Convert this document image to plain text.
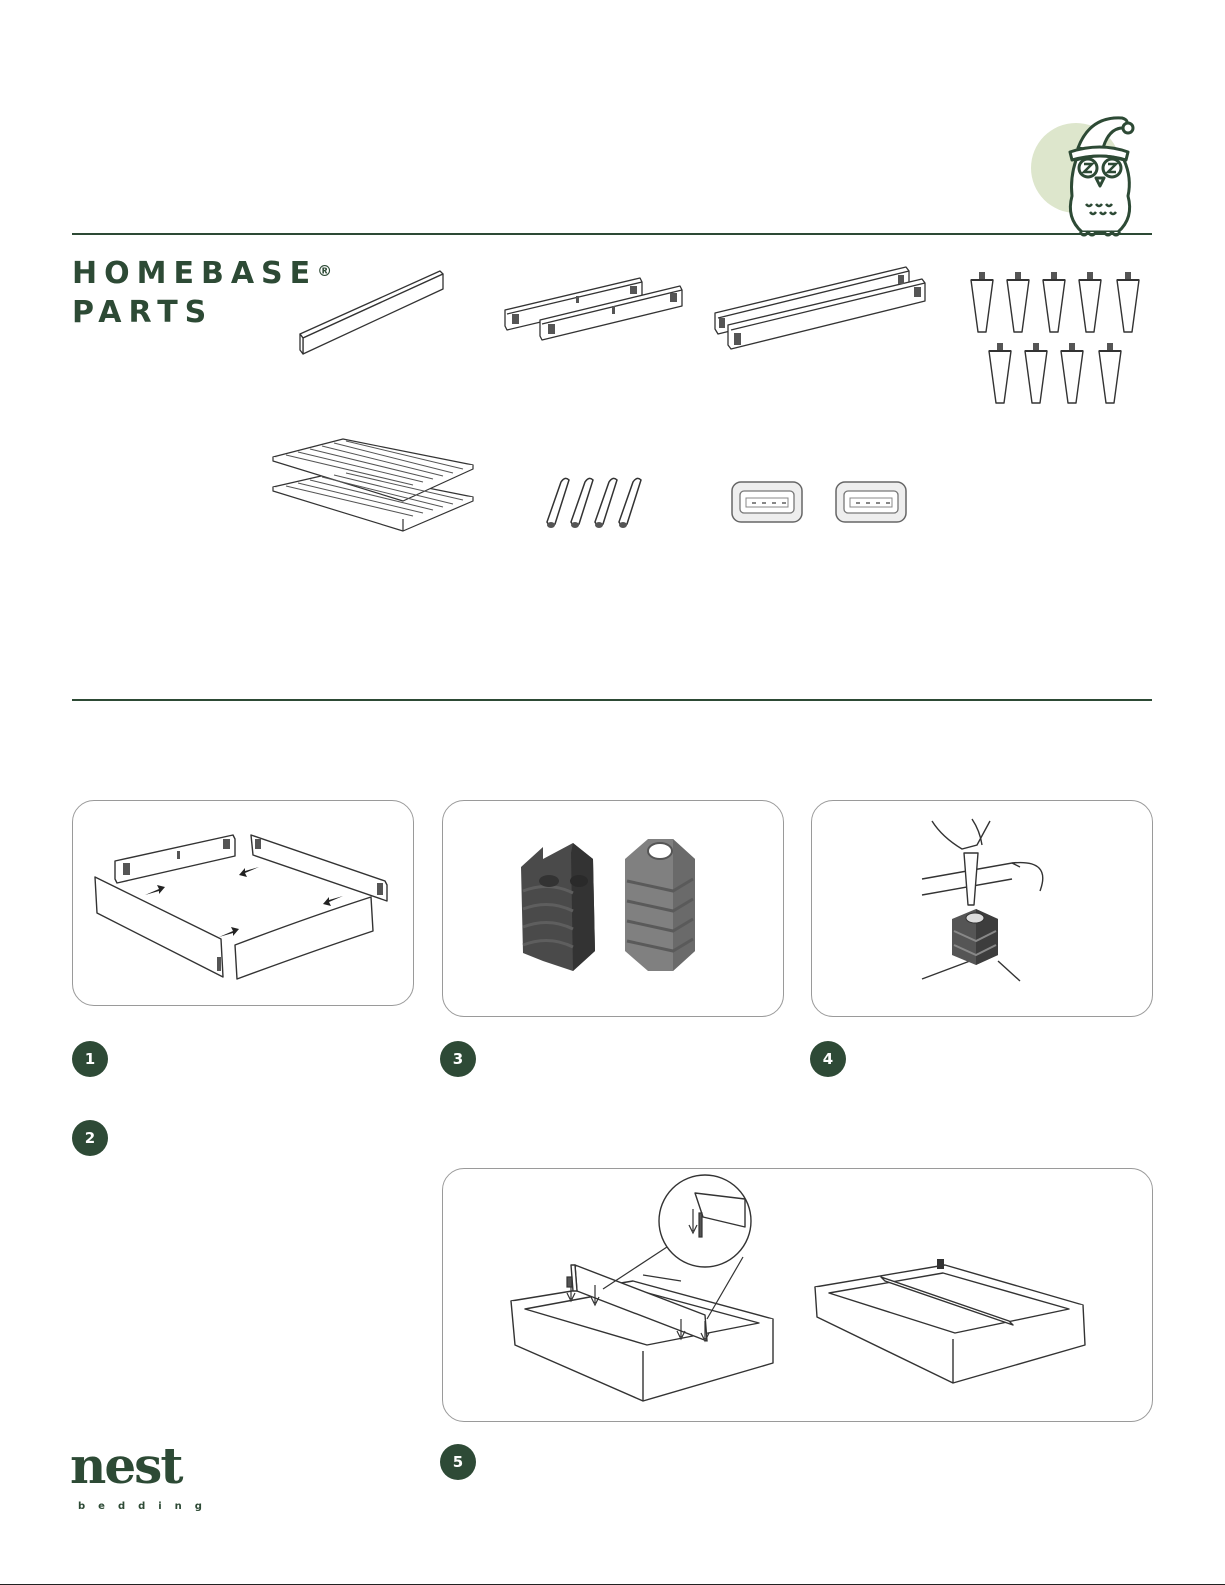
HOMEBASE®
PARTS
1	3	4
2
5
nest
bedding
